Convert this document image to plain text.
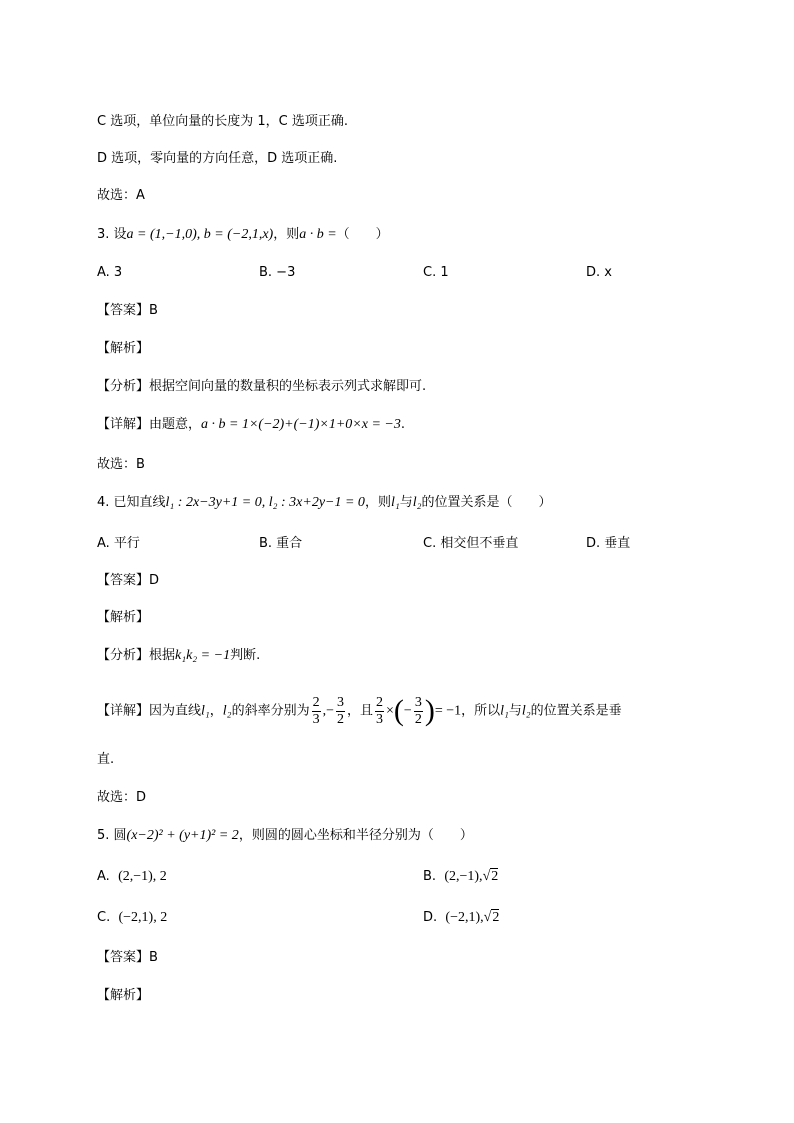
C 选项，单位向量的长度为 1，C 选项正确.
D 选项，零向量的方向任意，D 选项正确.
故选：A
3. 设a = (1,−1,0), b = (−2,1,x)，则a · b =（　　）
A. 3	B. −3	C. 1	D. x
【答案】B
【解析】
【分析】根据空间向量的数量积的坐标表示列式求解即可.
【详解】由题意，a · b = 1×(−2)+(−1)×1+0×x = −3.
故选：B
4. 已知直线l₁ : 2x−3y+1 = 0, l₂ : 3x+2y−1 = 0，则l₁与l₂的位置关系是（　　）
A. 平行	B. 重合	C. 相交但不垂直	D. 垂直
【答案】D
【解析】
【分析】根据k₁k₂ = −1判断.
【详解】因为直线l₁，l₂的斜率分别为 $\frac{2}{3}$ ,− $\frac{3}{2}$ ，且 $\frac{2}{3}$ ×(− $\frac{3}{2}$ )= −1，所以l₁与l₂的位置关系是垂
直.
故选：D
5. 圆(x−2)² + (y+1)² = 2，则圆的圆心坐标和半径分别为（　　）
A. (2,−1), 2	B. (2,−1),√2
C. (−2,1), 2	D. (−2,1),√2
【答案】B
【解析】
